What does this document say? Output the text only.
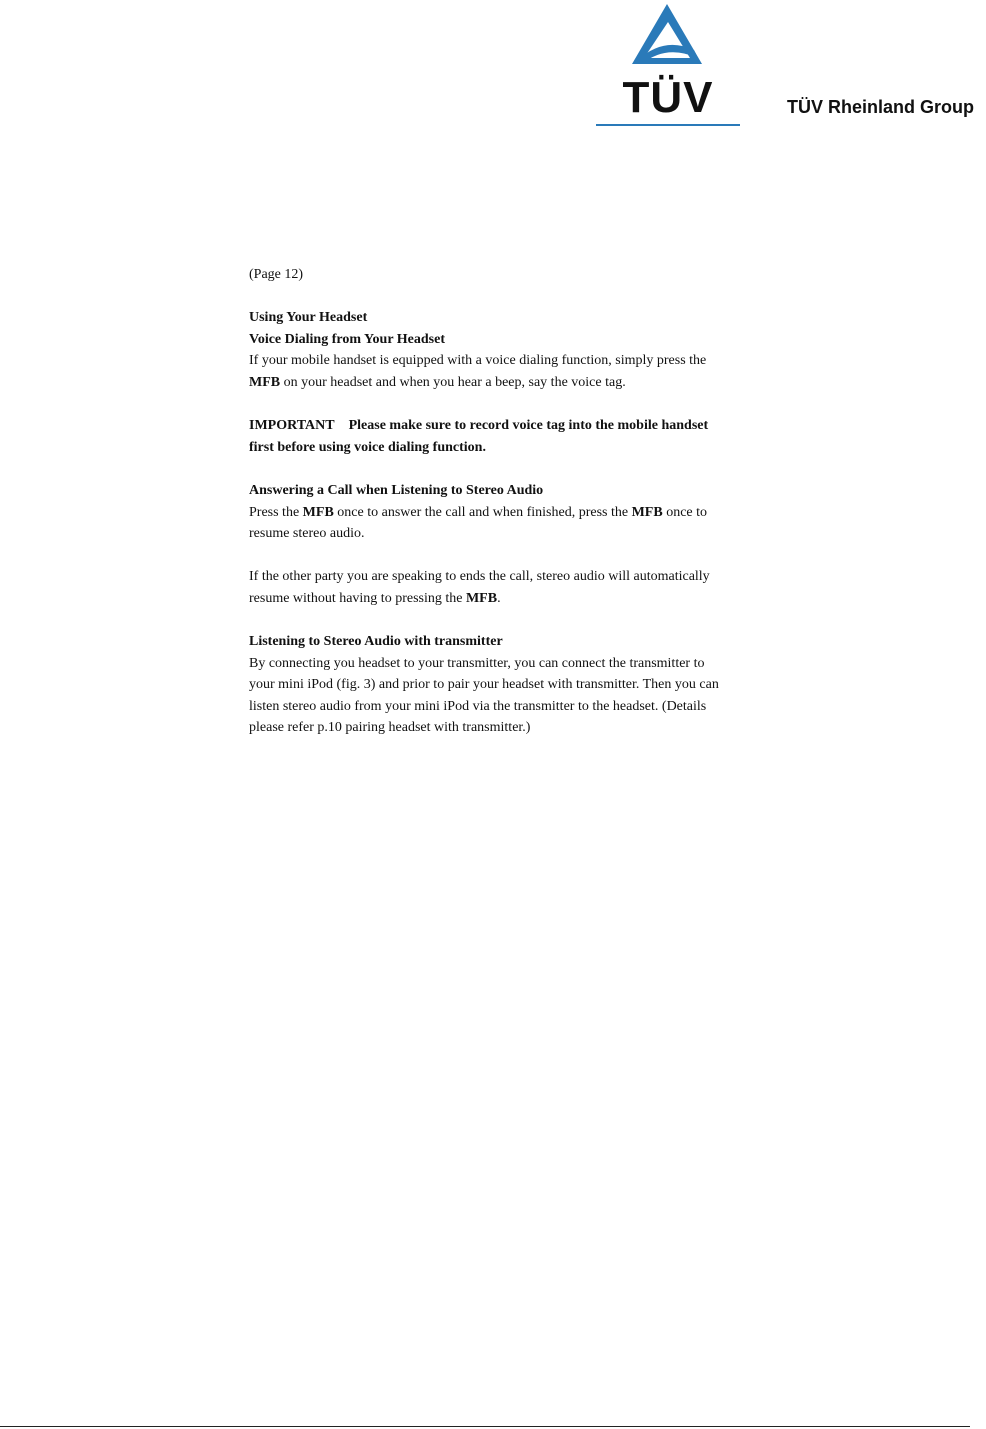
TÜV	TÜV Rheinland Group

(Page 12)

Using Your Headset

Voice Dialing from Your Headset

If your mobile handset is equipped with a voice dialing function, simply press the

MFB on your headset and when you hear a beep, say the voice tag.

IMPORTANT Please make sure to record voice tag into the mobile handset

first before using voice dialing function.

Answering a Call when Listening to Stereo Audio

Press the MFB once to answer the call and when finished, press the MFB once to

resume stereo audio.

If the other party you are speaking to ends the call, stereo audio will automatically

resume without having to pressing the MFB.

Listening to Stereo Audio with transmitter

By connecting you headset to your transmitter, you can connect the transmitter to

your mini iPod (fig. 3) and prior to pair your headset with transmitter. Then you can

listen stereo audio from your mini iPod via the transmitter to the headset. (Details

please refer p.10 pairing headset with transmitter.)
